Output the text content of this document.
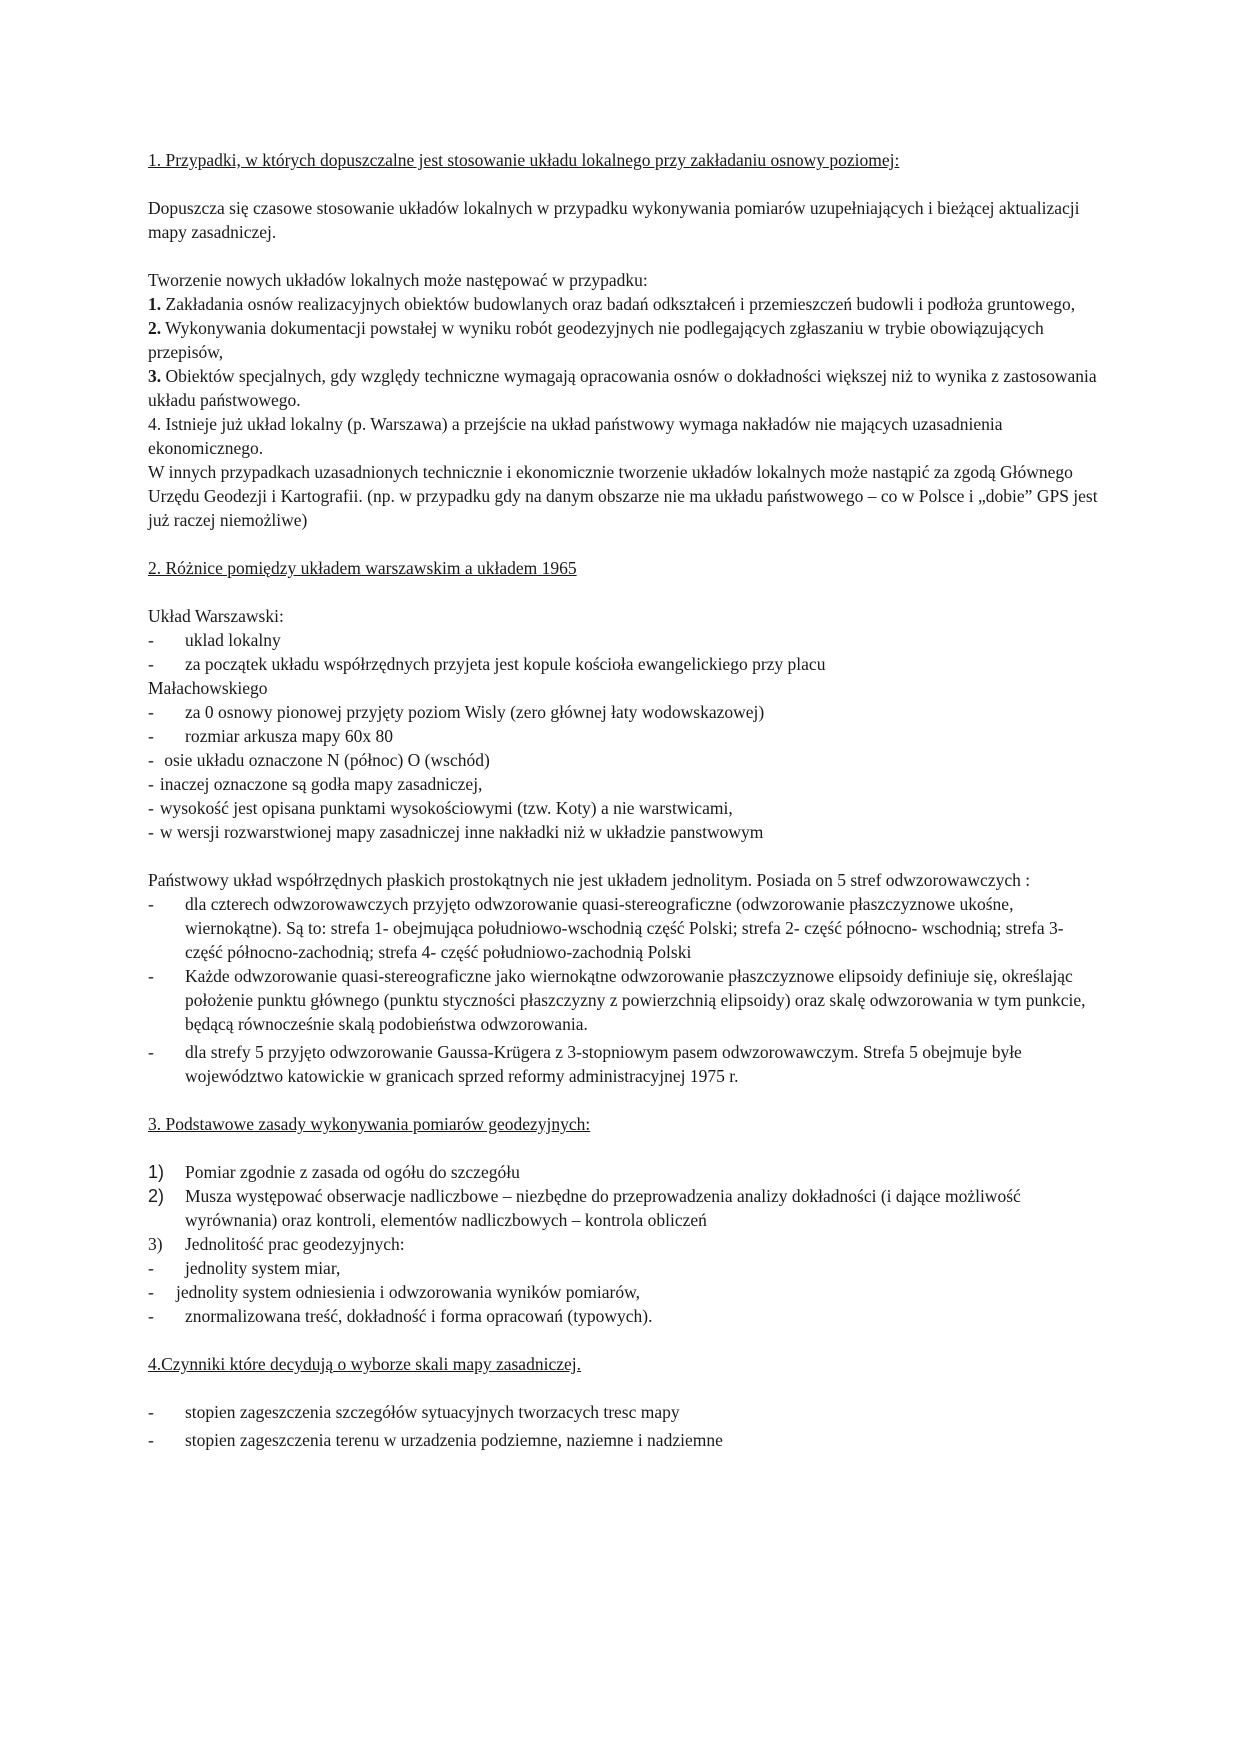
1. Przypadki, w których dopuszczalne jest stosowanie układu lokalnego przy zakładaniu osnowy poziomej:

Dopuszcza się czasowe stosowanie układów lokalnych w przypadku wykonywania pomiarów uzupełniających i bieżącej aktualizacji mapy zasadniczej.

Tworzenie nowych układów lokalnych może następować w przypadku:

1. Zakładania osnów realizacyjnych obiektów budowlanych oraz badań odkształceń i przemieszczeń budowli i podłoża gruntowego,

2. Wykonywania dokumentacji powstałej w wyniku robót geodezyjnych nie podlegających zgłaszaniu w trybie obowiązujących przepisów,

3. Obiektów specjalnych, gdy względy techniczne wymagają opracowania osnów o dokładności większej niż to wynika z zastosowania układu państwowego.

4. Istnieje już układ lokalny (p. Warszawa) a przejście na układ państwowy wymaga nakładów nie mających uzasadnienia ekonomicznego.

W innych przypadkach uzasadnionych technicznie i ekonomicznie tworzenie układów lokalnych może nastąpić za zgodą Głównego Urzędu Geodezji i Kartografii. (np. w przypadku gdy na danym obszarze nie ma układu państwowego – co w Polsce i „dobie” GPS jest już raczej niemożliwe)

2. Różnice pomiędzy układem warszawskim a układem 1965

Układ Warszawski:

- uklad lokalny

- za początek układu współrzędnych przyjeta jest kopule kościoła ewangelickiego przy placu

Małachowskiego

- za 0 osnowy pionowej przyjęty poziom Wisly (zero głównej łaty wodowskazowej)

- rozmiar arkusza mapy 60x 80

- osie układu oznaczone N (północ) O (wschód)

- inaczej oznaczone są godła mapy zasadniczej,

- wysokość jest opisana punktami wysokościowymi (tzw. Koty) a nie warstwicami,

- w wersji rozwarstwionej mapy zasadniczej inne nakładki niż w układzie panstwowym

Państwowy układ współrzędnych płaskich prostokątnych nie jest układem jednolitym. Posiada on 5 stref odwzorowawczych :

- dla czterech odwzorowawczych przyjęto odwzorowanie quasi-stereograficzne (odwzorowanie płaszczyznowe ukośne, wiernokątne). Są to: strefa 1- obejmująca południowo-wschodnią część Polski; strefa 2- część północno- wschodnią; strefa 3- część północno-zachodnią; strefa 4- część południowo-zachodnią Polski

- Każde odwzorowanie quasi-stereograficzne jako wiernokątne odwzorowanie płaszczyznowe elipsoidy definiuje się, określając położenie punktu głównego (punktu styczności płaszczyzny z powierzchnią elipsoidy) oraz skalę odwzorowania w tym punkcie, będącą równocześnie skalą podobieństwa odwzorowania.

- dla strefy 5 przyjęto odwzorowanie Gaussa-Krügera z 3-stopniowym pasem odwzorowawczym. Strefa 5 obejmuje byłe województwo katowickie w granicach sprzed reformy administracyjnej 1975 r.

3. Podstawowe zasady wykonywania pomiarów geodezyjnych:

1) Pomiar zgodnie z zasada od ogółu do szczegółu

2) Musza występować obserwacje nadliczbowe – niezbędne do przeprowadzenia analizy dokładności (i dające możliwość wyrównania) oraz kontroli, elementów nadliczbowych – kontrola obliczeń

3) Jednolitość prac geodezyjnych:

- jednolity system miar,

- jednolity system odniesienia i odwzorowania wyników pomiarów,

- znormalizowana treść, dokładność i forma opracowań (typowych).

4.Czynniki które decydują o wyborze skali mapy zasadniczej.

- stopien zageszczenia szczegółów sytuacyjnych tworzacych tresc mapy

- stopien zageszczenia terenu w urzadzenia podziemne, naziemne i nadziemne
